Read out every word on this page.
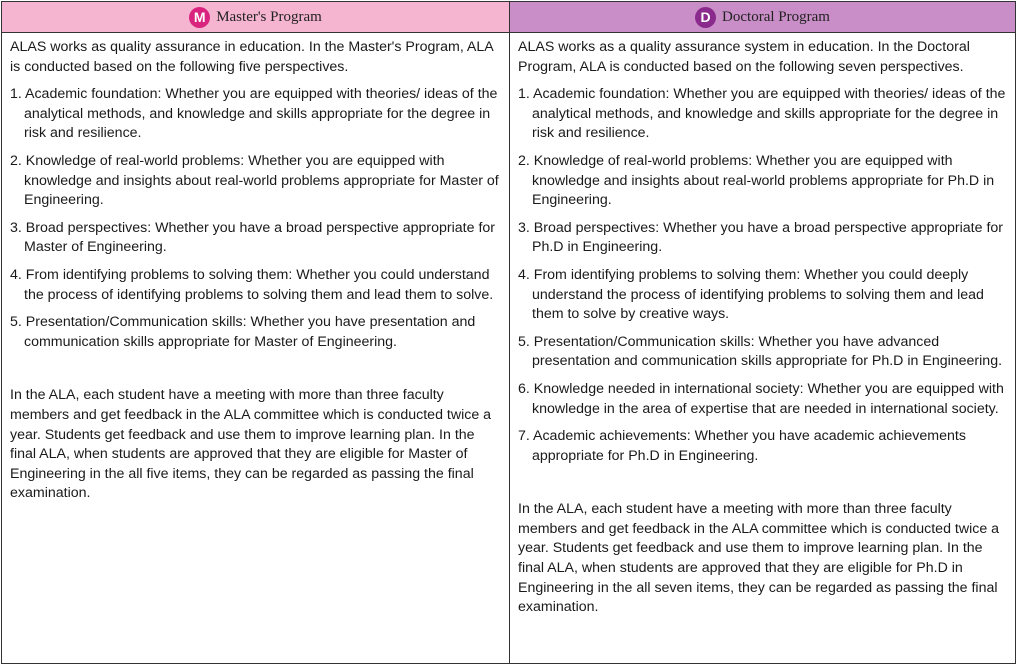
M Master's Program	D Doctoral Program

ALAS works as quality assurance in education. In the Master's Program, ALA is conducted based on the following five perspectives.

1. Academic foundation: Whether you are equipped with theories/ ideas of the analytical methods, and knowledge and skills appropriate for the degree in risk and resilience.

2. Knowledge of real-world problems: Whether you are equipped with knowledge and insights about real-world problems appropriate for Master of Engineering.

3. Broad perspectives: Whether you have a broad perspective appropriate for Master of Engineering.

4. From identifying problems to solving them: Whether you could understand the process of identifying problems to solving them and lead them to solve.

5. Presentation/Communication skills: Whether you have presentation and communication skills appropriate for Master of Engineering.

In the ALA, each student have a meeting with more than three faculty members and get feedback in the ALA committee which is conducted twice a year. Students get feedback and use them to improve learning plan. In the final ALA, when students are approved that they are eligible for Master of Engineering in the all five items, they can be regarded as passing the final examination.

ALAS works as a quality assurance system in education. In the Doctoral Program, ALA is conducted based on the following seven perspectives.

1. Academic foundation: Whether you are equipped with theories/ ideas of the analytical methods, and knowledge and skills appropriate for the degree in risk and resilience.

2. Knowledge of real-world problems: Whether you are equipped with knowledge and insights about real-world problems appropriate for Ph.D in Engineering.

3. Broad perspectives: Whether you have a broad perspective appropriate for Ph.D in Engineering.

4. From identifying problems to solving them: Whether you could deeply understand the process of identifying problems to solving them and lead them to solve by creative ways.

5. Presentation/Communication skills: Whether you have advanced presentation and communication skills appropriate for Ph.D in Engineering.

6. Knowledge needed in international society: Whether you are equipped with knowledge in the area of expertise that are needed in international society.

7. Academic achievements: Whether you have academic achievements appropriate for Ph.D in Engineering.

In the ALA, each student have a meeting with more than three faculty members and get feedback in the ALA committee which is conducted twice a year. Students get feedback and use them to improve learning plan. In the final ALA, when students are approved that they are eligible for Ph.D in Engineering in the all seven items, they can be regarded as passing the final examination.
